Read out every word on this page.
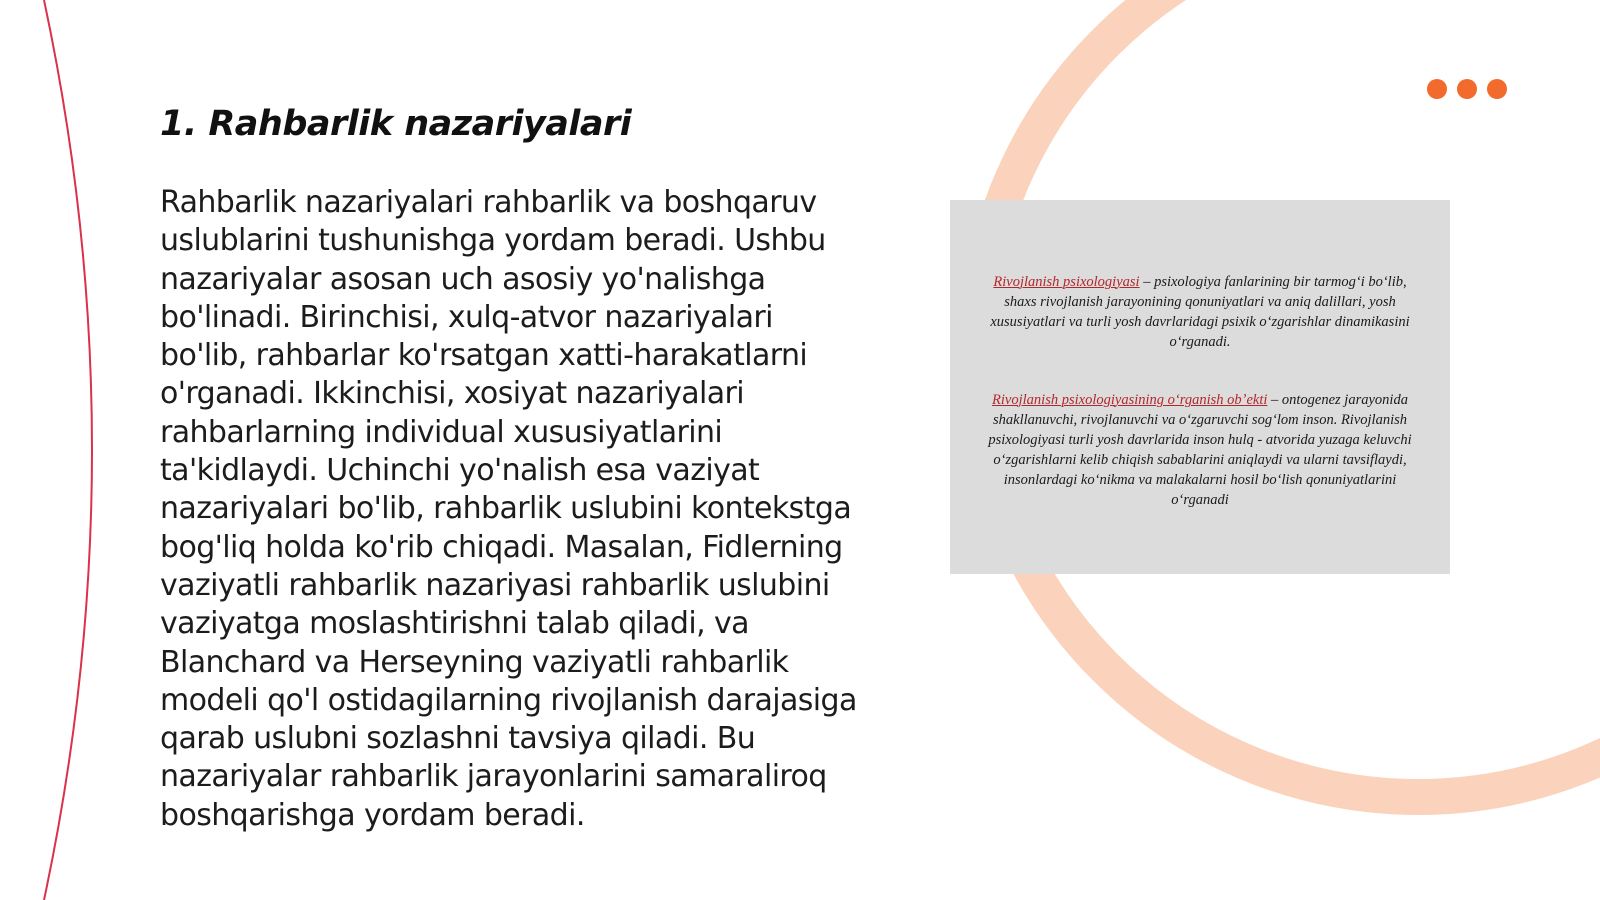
1. Rahbarlik nazariyalari

Rahbarlik nazariyalari rahbarlik va boshqaruv uslublarini tushunishga yordam beradi. Ushbu nazariyalar asosan uch asosiy yo'nalishga bo'linadi. Birinchisi, xulq-atvor nazariyalari bo'lib, rahbarlar ko'rsatgan xatti-harakatlarni o'rganadi. Ikkinchisi, xosiyat nazariyalari rahbarlarning individual xususiyatlarini ta'kidlaydi. Uchinchi yo'nalish esa vaziyat nazariyalari bo'lib, rahbarlik uslubini kontekstga bog'liq holda ko'rib chiqadi. Masalan, Fidlerning vaziyatli rahbarlik nazariyasi rahbarlik uslubini vaziyatga moslashtirishni talab qiladi, va Blanchard va Herseyning vaziyatli rahbarlik modeli qo'l ostidagilarning rivojlanish darajasiga qarab uslubni sozlashni tavsiya qiladi. Bu nazariyalar rahbarlik jarayonlarini samaraliroq boshqarishga yordam beradi.

Rivojlanish psixologiyasi – psixologiya fanlarining bir tarmogʻi boʻlib, shaxs rivojlanish jarayonining qonuniyatlari va aniq dalillari, yosh xususiyatlari va turli yosh davrlaridagi psixik oʻzgarishlar dinamikasini oʻrganadi.

Rivojlanish psixologiyasining oʻrganish obʼekti – ontogenez jarayonida shakllanuvchi, rivojlanuvchi va oʻzgaruvchi sogʻlom inson. Rivojlanish psixologiyasi turli yosh davrlarida inson hulq - atvorida yuzaga keluvchi oʻzgarishlarni kelib chiqish sabablarini aniqlaydi va ularni tavsiflaydi, insonlardagi koʻnikma va malakalarni hosil boʻlish qonuniyatlarini oʻrganadi
